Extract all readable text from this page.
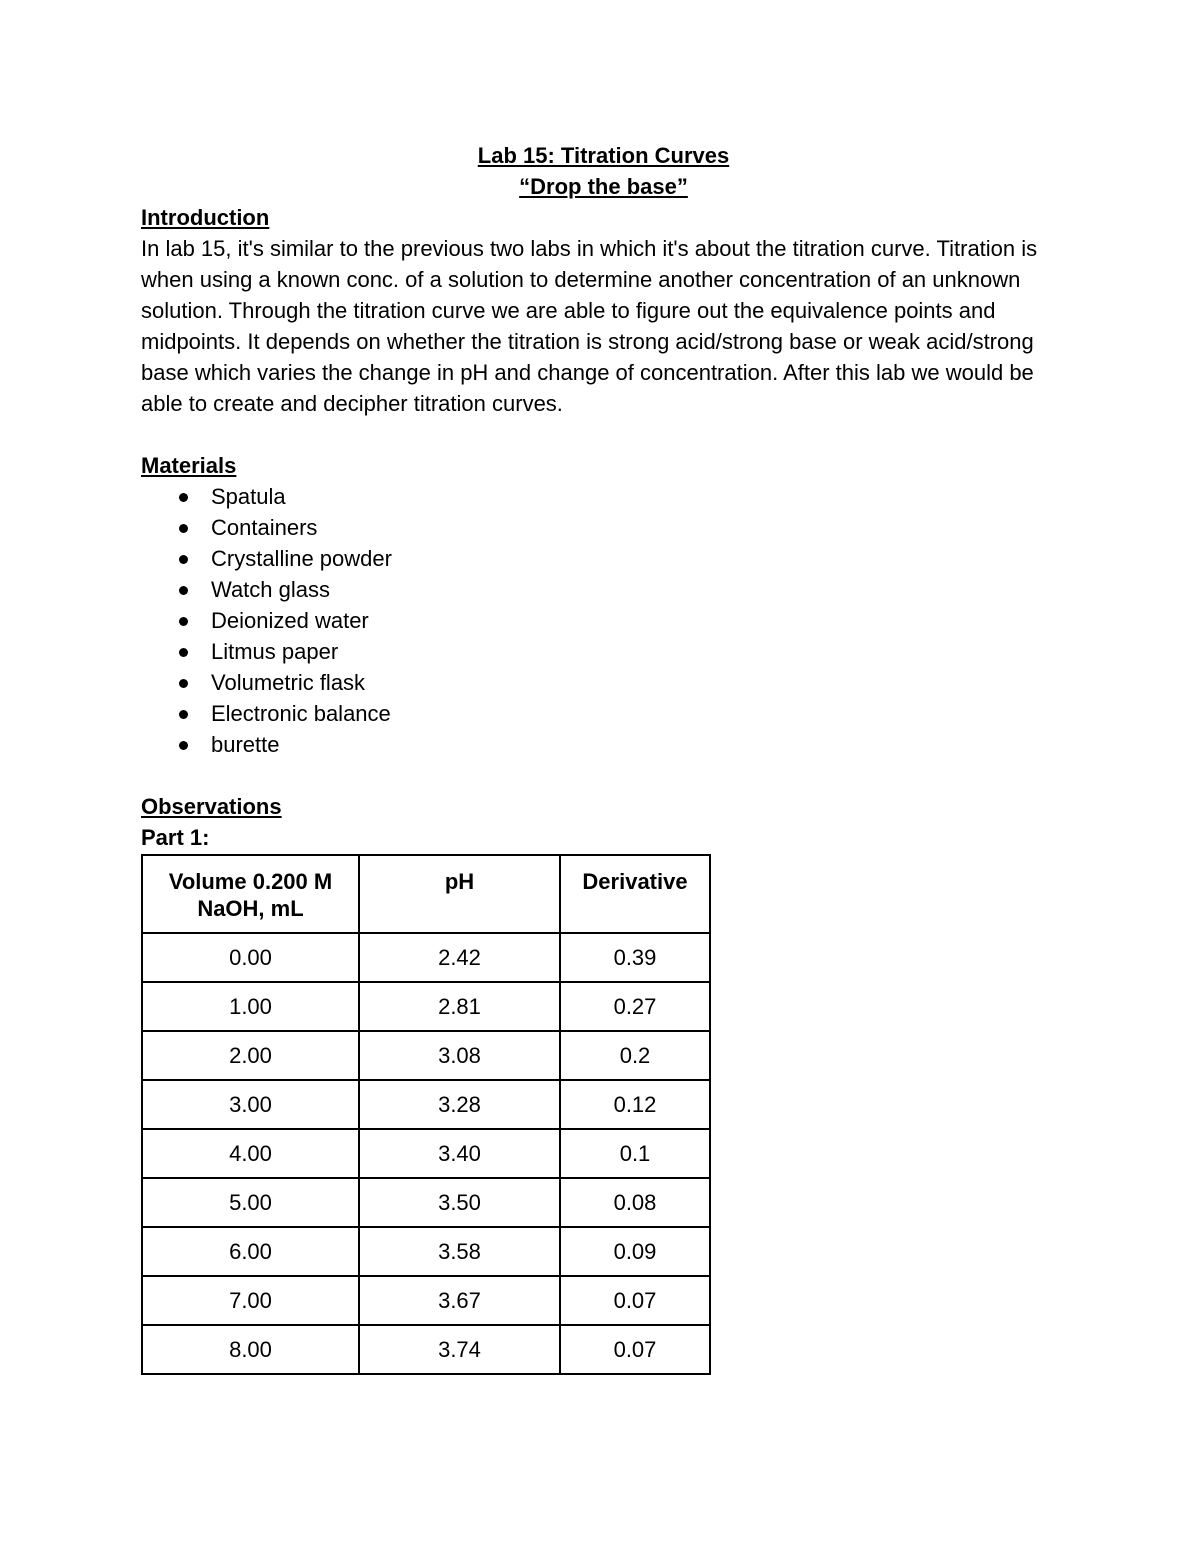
Lab 15: Titration Curves

“Drop the base”

Introduction

In lab 15, it's similar to the previous two labs in which it's about the titration curve. Titration is when using a known conc. of a solution to determine another concentration of an unknown solution. Through the titration curve we are able to figure out the equivalence points and midpoints. It depends on whether the titration is strong acid/strong base or weak acid/strong base which varies the change in pH and change of concentration. After this lab we would be able to create and decipher titration curves.

Materials

Spatula
Containers
Crystalline powder
Watch glass
Deionized water
Litmus paper
Volumetric flask
Electronic balance
burette

Observations

Part 1:

Volume 0.200 M NaOH, mL	pH	Derivative
0.00	2.42	0.39
1.00	2.81	0.27
2.00	3.08	0.2
3.00	3.28	0.12
4.00	3.40	0.1
5.00	3.50	0.08
6.00	3.58	0.09
7.00	3.67	0.07
8.00	3.74	0.07
